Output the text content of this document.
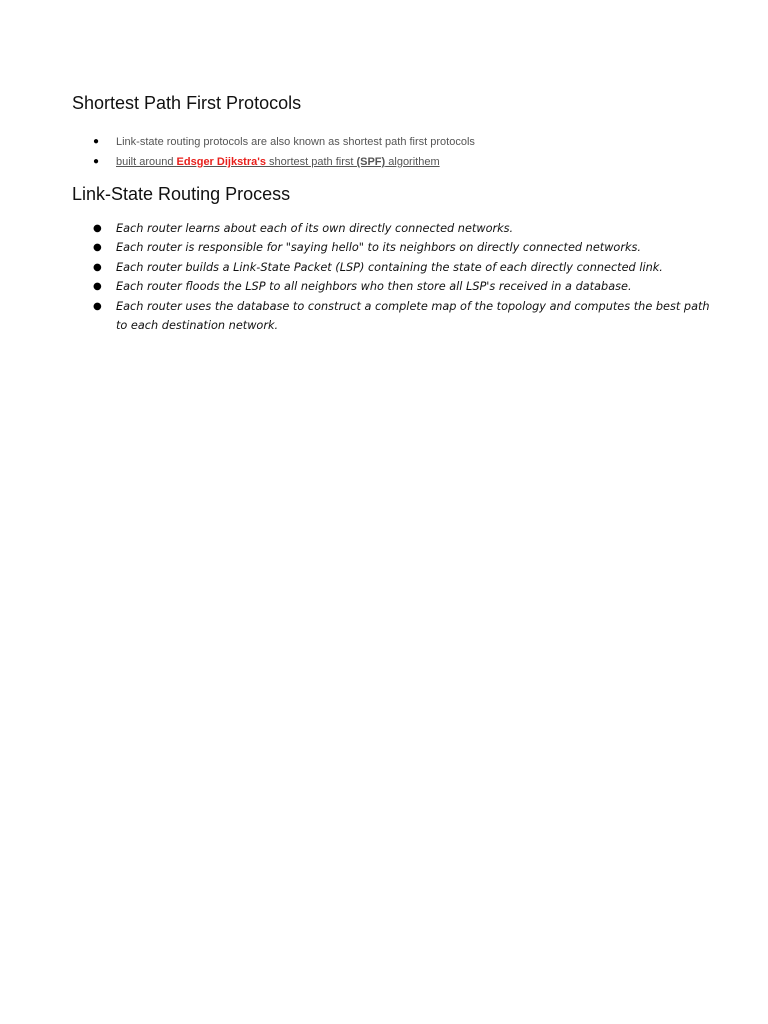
Shortest Path First Protocols
● Link-state routing protocols are also known as shortest path first protocols
● built around Edsger Dijkstra's shortest path first (SPF) algorithem
Link-State Routing Process
● Each router learns about each of its own directly connected networks.
● Each router is responsible for "saying hello" to its neighbors on directly connected networks.
● Each router builds a Link-State Packet (LSP) containing the state of each directly connected link.
● Each router floods the LSP to all neighbors who then store all LSP's received in a database.
● Each router uses the database to construct a complete map of the topology and computes the best path to each destination network.
